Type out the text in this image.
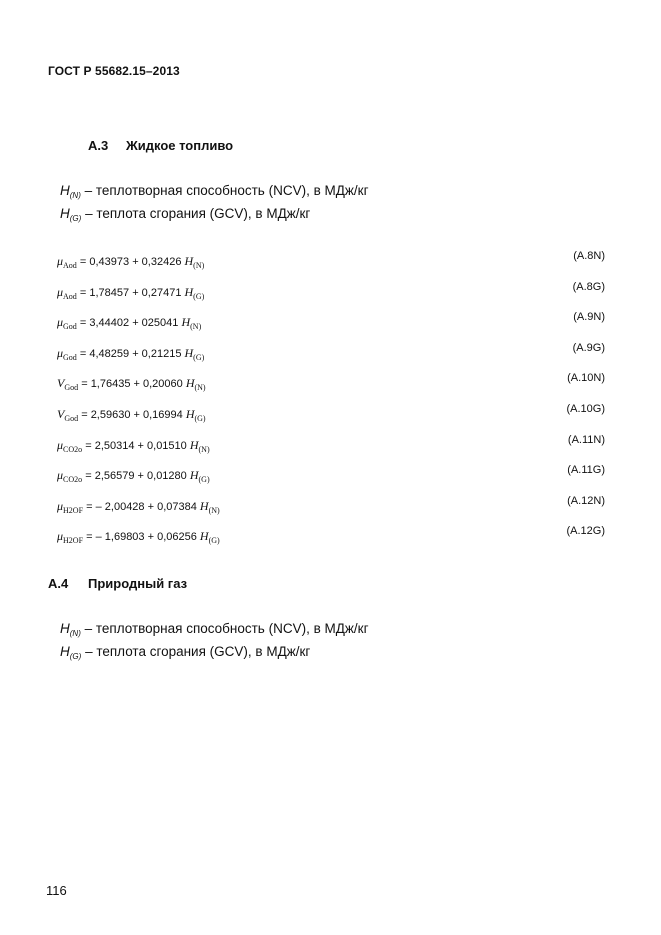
ГОСТ Р 55682.15–2013
A.3 Жидкое топливо
$H_{(N)}$ – теплотворная способность (NCV), в МДж/кг
$H_{(G)}$ – теплота сгорания (GCV), в МДж/кг
$\mu_{Aod} = 0,43973 + 0,32426$ $H_{(N)}$
(A.8N)
$\mu_{Aod} = 1,78457 + 0,27471$ $H_{(G)}$
(A.8G)
$\mu_{God} = 3,44402 + 025041$ $H_{(N)}$
(A.9N)
$\mu_{God} = 4,48259 + 0,21215$ $H_{(G)}$
(A.9G)
$V_{God} = 1,76435 + 0,20060$ $H_{(N)}$
(A.10N)
$V_{God} = 2,59630 + 0,16994$ $H_{(G)}$
(A.10G)
$\mu_{CO2o} = 2,50314 + 0,01510$ $H_{(N)}$
(A.11N)
$\mu_{CO2o} = 2,56579 + 0,01280$ $H_{(G)}$
(A.11G)
$\mu_{H2OF}$ = – 2,00428 + 0,07384 $H_{(N)}$
(A.12N)
$\mu_{H2OF}$ = – 1,69803 + 0,06256 $H_{(G)}$
(A.12G)
A.4 Природный газ
$H_{(N)}$ – теплотворная способность (NCV), в МДж/кг
$H_{(G)}$ – теплота сгорания (GCV), в МДж/кг
116
